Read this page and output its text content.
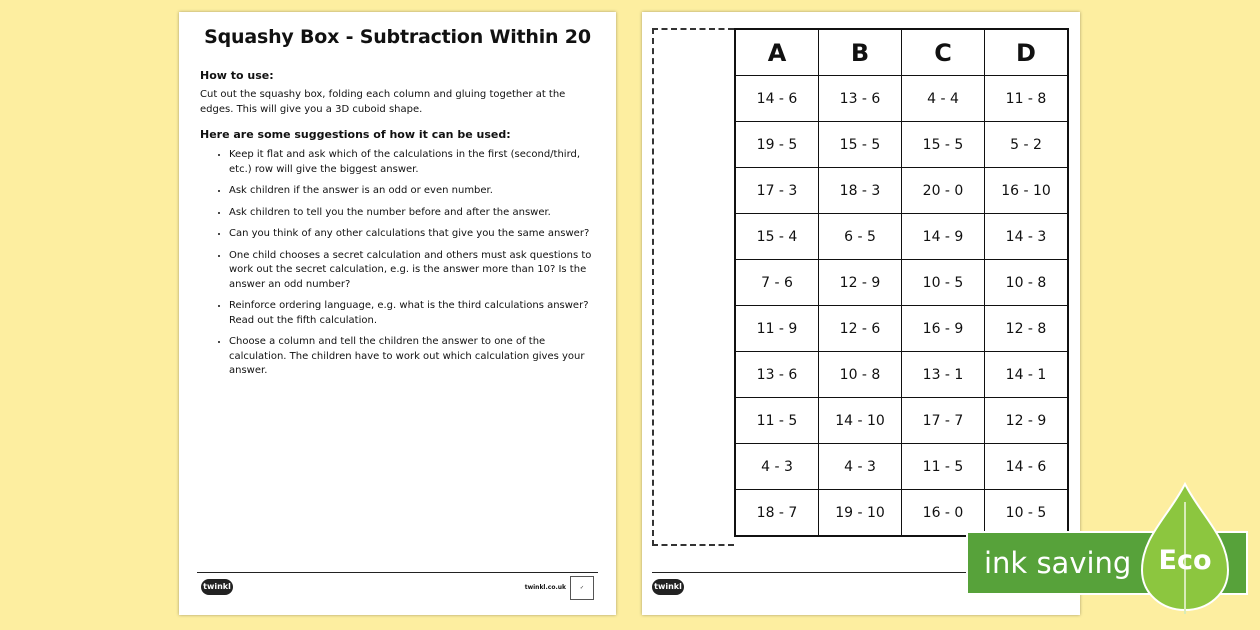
Squashy Box - Subtraction Within 20
How to use:
Cut out the squashy box, folding each column and gluing together at the edges. This will give you a 3D cuboid shape.
Here are some suggestions of how it can be used:
• Keep it flat and ask which of the calculations in the first (second/third, etc.) row will give the biggest answer.
• Ask children if the answer is an odd or even number.
• Ask children to tell you the number before and after the answer.
• Can you think of any other calculations that give you the same answer?
• One child chooses a secret calculation and others must ask questions to work out the secret calculation, e.g. is the answer more than 10? Is the answer an odd number?
• Reinforce ordering language, e.g. what is the third calculations answer? Read out the fifth calculation.
• Choose a column and tell the children the answer to one of the calculation. The children have to work out which calculation gives your answer.
twinkl	twinkl.co.uk	✓
A	B	C	D
14 - 6	13 - 6	4 - 4	11 - 8
19 - 5	15 - 5	15 - 5	5 - 2
17 - 3	18 - 3	20 - 0	16 - 10
15 - 4	6 - 5	14 - 9	14 - 3
7 - 6	12 - 9	10 - 5	10 - 8
11 - 9	12 - 6	16 - 9	12 - 8
13 - 6	10 - 8	13 - 1	14 - 1
11 - 5	14 - 10	17 - 7	12 - 9
4 - 3	4 - 3	11 - 5	14 - 6
18 - 7	19 - 10	16 - 0	10 - 5
twinkl
ink saving Eco
